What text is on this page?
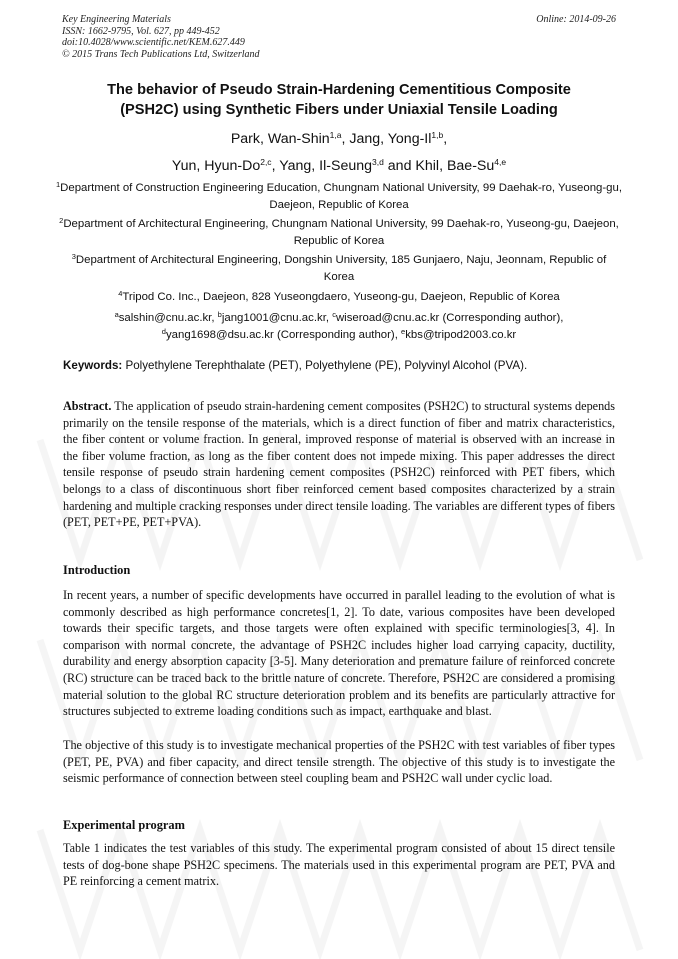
Key Engineering Materials
ISSN: 1662-9795, Vol. 627, pp 449-452
doi:10.4028/www.scientific.net/KEM.627.449
© 2015 Trans Tech Publications Ltd, Switzerland
Online: 2014-09-26
The behavior of Pseudo Strain-Hardening Cementitious Composite
(PSH2C) using Synthetic Fibers under Uniaxial Tensile Loading
Park, Wan-Shin$^{1,a}$, Jang, Yong-Il$^{1,b}$,
Yun, Hyun-Do$^{2,c}$, Yang, Il-Seung$^{3,d}$ and Khil, Bae-Su$^{4,e}$
$^1$Department of Construction Engineering Education, Chungnam National University, 99 Daehak-ro, Yuseong-gu, Daejeon, Republic of Korea
$^2$Department of Architectural Engineering, Chungnam National University, 99 Daehak-ro, Yuseong-gu, Daejeon, Republic of Korea
$^3$Department of Architectural Engineering, Dongshin University, 185 Gunjaero, Naju, Jeonnam, Republic of Korea
$^4$Tripod Co. Inc., Daejeon, 828 Yuseongdaero, Yuseong-gu, Daejeon, Republic of Korea
$^a$salshin@cnu.ac.kr, $^b$jang1001@cnu.ac.kr, $^c$wiseroad@cnu.ac.kr (Corresponding author),
$^d$yang1698@dsu.ac.kr (Corresponding author), $^e$kbs@tripod2003.co.kr
Keywords: Polyethylene Terephthalate (PET), Polyethylene (PE), Polyvinyl Alcohol (PVA).
Abstract. The application of pseudo strain-hardening cement composites (PSH2C) to structural systems depends primarily on the tensile response of the materials, which is a direct function of fiber and matrix characteristics, the fiber content or volume fraction. In general, improved response of material is observed with an increase in the fiber volume fraction, as long as the fiber content does not impede mixing. This paper addresses the direct tensile response of pseudo strain hardening cement composites (PSH2C) reinforced with PET fibers, which belongs to a class of discontinuous short fiber reinforced cement based composites characterized by a strain hardening and multiple cracking responses under direct tensile loading. The variables are different types of fibers (PET, PET+PE, PET+PVA).
Introduction
In recent years, a number of specific developments have occurred in parallel leading to the evolution of what is commonly described as high performance concretes[1, 2]. To date, various composites have been developed towards their specific targets, and those targets were often explained with specific terminologies[3, 4]. In comparison with normal concrete, the advantage of PSH2C includes higher load carrying capacity, ductility, durability and energy absorption capacity [3-5]. Many deterioration and premature failure of reinforced concrete (RC) structure can be traced back to the brittle nature of concrete. Therefore, PSH2C are considered a promising material solution to the global RC structure deterioration problem and its benefits are particularly attractive for structures subjected to extreme loading conditions such as impact, earthquake and blast.
The objective of this study is to investigate mechanical properties of the PSH2C with test variables of fiber types (PET, PE, PVA) and fiber capacity, and direct tensile strength. The objective of this study is to investigate the seismic performance of connection between steel coupling beam and PSH2C wall under cyclic load.
Experimental program
Table 1 indicates the test variables of this study. The experimental program consisted of about 15 direct tensile tests of dog-bone shape PSH2C specimens. The materials used in this experimental program are PET, PVA and PE reinforcing a cement matrix.
